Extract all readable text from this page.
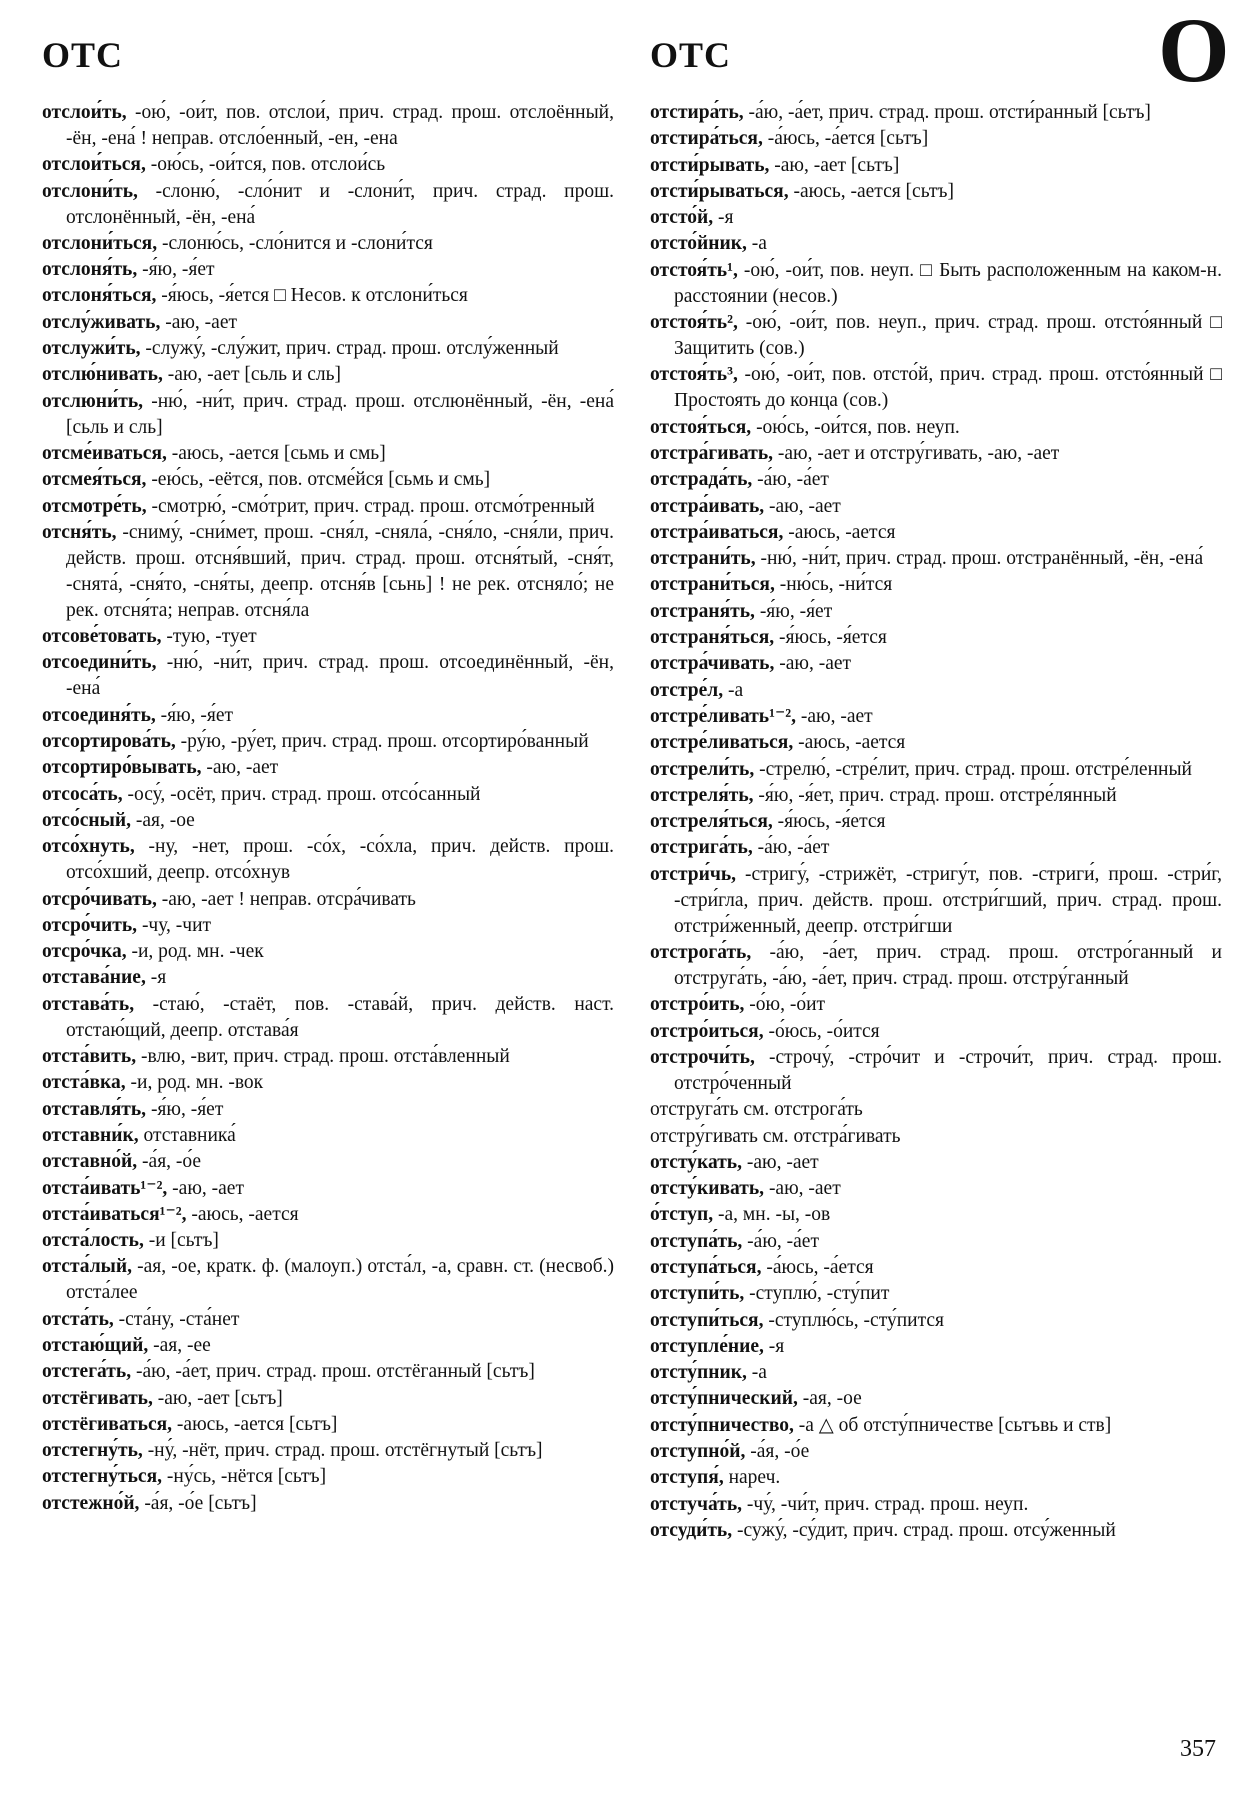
ОТС	ОТС	О
отслои́ть, -ою́, -ои́т, пов. отслои́, прич. страд. прош. отслоённый, -ён, -ена́ ! неправ. отсло́енный, -ен, -ена
отслои́ться, -ою́сь, -ои́тся, пов. отслои́сь
отслони́ть, -слоню́, -сло́нит и -слони́т, прич. страд. прош. отслонённый, -ён, -ена́
отслони́ться, -слоню́сь, -сло́нится и -слони́тся
отслоня́ть, -я́ю, -я́ет
отслоня́ться, -я́юсь, -я́ется □ Несов. к отслони́ться
отслу́живать, -аю, -ает
отслужи́ть, -служу́, -слу́жит, прич. страд. прош. отслу́женный
отслю́нивать, -аю, -ает [сьль и сль]
отслюни́ть, -ню́, -ни́т, прич. страд. прош. отслюнённый, -ён, -ена́ [сьль и сль]
отсме́иваться, -аюсь, -ается [сьмь и смь]
отсмея́ться, -ею́сь, -еётся, пов. отсме́йся [сьмь и смь]
отсмотре́ть, -смотрю́, -смо́трит, прич. страд. прош. отсмо́тренный
отсня́ть, -сниму́, -сни́мет, прош. -сня́л, -сняла́, -сня́ло, -сня́ли, прич. действ. прош. отсня́вший, прич. страд. прош. отсня́тый, -сня́т, -снята́, -сня́то, -сня́ты, деепр. отсня́в [сьнь] ! не рек. отсняло́; не рек. отсня́та; неправ. отсня́ла
отсове́товать, -тую, -тует
отсоедини́ть, -ню́, -ни́т, прич. страд. прош. отсоединённый, -ён, -ена́
отсоединя́ть, -я́ю, -я́ет
отсортирова́ть, -ру́ю, -ру́ет, прич. страд. прош. отсортиро́ванный
отсортиро́вывать, -аю, -ает
отсоса́ть, -осу́, -осёт, прич. страд. прош. отсо́санный
отсо́сный, -ая, -ое
отсо́хнуть, -ну, -нет, прош. -со́х, -со́хла, прич. действ. прош. отсо́хший, деепр. отсо́хнув
отсро́чивать, -аю, -ает ! неправ. отсра́чивать
отсро́чить, -чу, -чит
отсро́чка, -и, род. мн. -чек
отстава́ние, -я
отстава́ть, -стаю́, -стаёт, пов. -става́й, прич. действ. наст. отстаю́щий, деепр. отстава́я
отста́вить, -влю, -вит, прич. страд. прош. отста́вленный
отста́вка, -и, род. мн. -вок
отставля́ть, -я́ю, -я́ет
отставни́к, отставника́
отставно́й, -а́я, -о́е
отста́ивать¹⁻², -аю, -ает
отста́иваться¹⁻², -аюсь, -ается
отста́лость, -и [сьтъ]
отста́лый, -ая, -ое, кратк. ф. (малоуп.) отста́л, -а, сравн. ст. (несвоб.) отста́лее
отста́ть, -ста́ну, -ста́нет
отстаю́щий, -ая, -ее
отстега́ть, -а́ю, -а́ет, прич. страд. прош. отстёганный [сьтъ]
отстёгивать, -аю, -ает [сьтъ]
отстёгиваться, -аюсь, -ается [сьтъ]
отстегну́ть, -ну́, -нёт, прич. страд. прош. отстёгнутый [сьтъ]
отстегну́ться, -ну́сь, -нётся [сьтъ]
отстежно́й, -а́я, -о́е [сьтъ]
отстира́ть, -а́ю, -а́ет, прич. страд. прош. отсти́ранный [сьтъ]
отстира́ться, -а́юсь, -а́ется [сьтъ]
отсти́рывать, -аю, -ает [сьтъ]
отсти́рываться, -аюсь, -ается [сьтъ]
отсто́й, -я
отсто́йник, -а
отстоя́ть¹, -ою́, -ои́т, пов. неуп. □ Быть расположенным на каком-н. расстоянии (несов.)
отстоя́ть², -ою́, -ои́т, пов. неуп., прич. страд. прош. отсто́янный □ Защитить (сов.)
отстоя́ть³, -ою́, -ои́т, пов. отсто́й, прич. страд. прош. отсто́янный □ Простоять до конца (сов.)
отстоя́ться, -ою́сь, -ои́тся, пов. неуп.
отстра́гивать, -аю, -ает и отстру́гивать, -аю, -ает
отстрада́ть, -а́ю, -а́ет
отстра́ивать, -аю, -ает
отстра́иваться, -аюсь, -ается
отстрани́ть, -ню́, -ни́т, прич. страд. прош. отстранённый, -ён, -ена́
отстрани́ться, -ню́сь, -ни́тся
отстраня́ть, -я́ю, -я́ет
отстраня́ться, -я́юсь, -я́ется
отстра́чивать, -аю, -ает
отстре́л, -а
отстре́ливать¹⁻², -аю, -ает
отстре́ливаться, -аюсь, -ается
отстрели́ть, -стрелю́, -стре́лит, прич. страд. прош. отстре́ленный
отстреля́ть, -я́ю, -я́ет, прич. страд. прош. отстре́лянный
отстреля́ться, -я́юсь, -я́ется
отстрига́ть, -а́ю, -а́ет
отстри́чь, -стригу́, -стрижёт, -стригу́т, пов. -стриги́, прош. -стри́г, -стри́гла, прич. действ. прош. отстри́гший, прич. страд. прош. отстри́женный, деепр. отстри́гши
отстрога́ть, -а́ю, -а́ет, прич. страд. прош. отстро́ганный и отструга́ть, -а́ю, -а́ет, прич. страд. прош. отстру́ганный
отстро́ить, -о́ю, -о́ит
отстро́иться, -о́юсь, -о́ится
отстрочи́ть, -строчу́, -стро́чит и -строчи́т, прич. страд. прош. отстро́ченный
отструга́ть см. отстрога́ть
отстру́гивать см. отстра́гивать
отсту́кать, -аю, -ает
отсту́кивать, -аю, -ает
о́тступ, -а, мн. -ы, -ов
отступа́ть, -а́ю, -а́ет
отступа́ться, -а́юсь, -а́ется
отступи́ть, -ступлю́, -сту́пит
отступи́ться, -ступлю́сь, -сту́пится
отступле́ние, -я
отсту́пник, -а
отсту́пнический, -ая, -ое
отсту́пничество, -а △ об отсту́пничестве [сьтъвь и ств]
отступно́й, -а́я, -о́е
отступя́, нареч.
отстуча́ть, -чу́, -чи́т, прич. страд. прош. неуп.
отсуди́ть, -сужу́, -су́дит, прич. страд. прош. отсу́женный
357
